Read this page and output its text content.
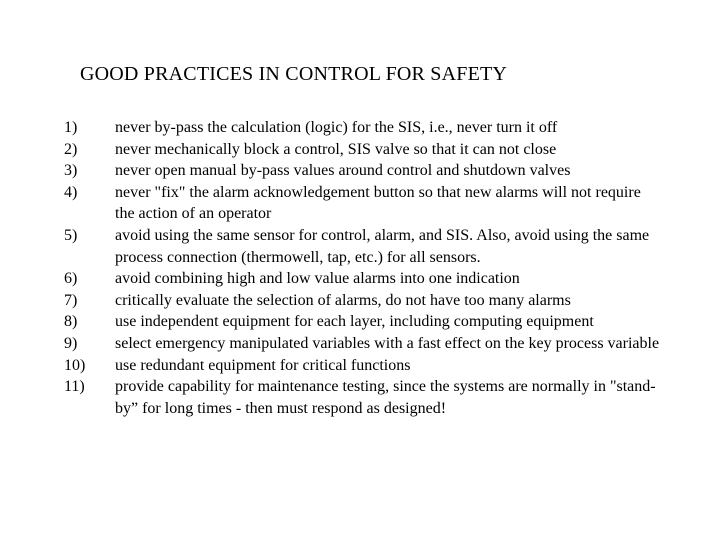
GOOD PRACTICES IN CONTROL FOR SAFETY
1)	never by-pass the calculation (logic) for the SIS, i.e., never turn it off
2)	never mechanically block a control, SIS valve so that it can not close
3)	never open manual by-pass values around control and shutdown valves
4)	never "fix" the alarm acknowledgement button so that new alarms will not require the action of an operator
5)	avoid using the same sensor for control, alarm, and SIS. Also, avoid using the same process connection (thermowell, tap, etc.) for all sensors.
6)	avoid combining high and low value alarms into one indication
7)	critically evaluate the selection of alarms, do not have too many alarms
8)	use independent equipment for each layer, including computing equipment
9)	select emergency manipulated variables with a fast effect on the key process variable
10)	use redundant equipment for critical functions
11)	provide capability for maintenance testing, since the systems are normally in "stand-by” for long times - then must respond as designed!
